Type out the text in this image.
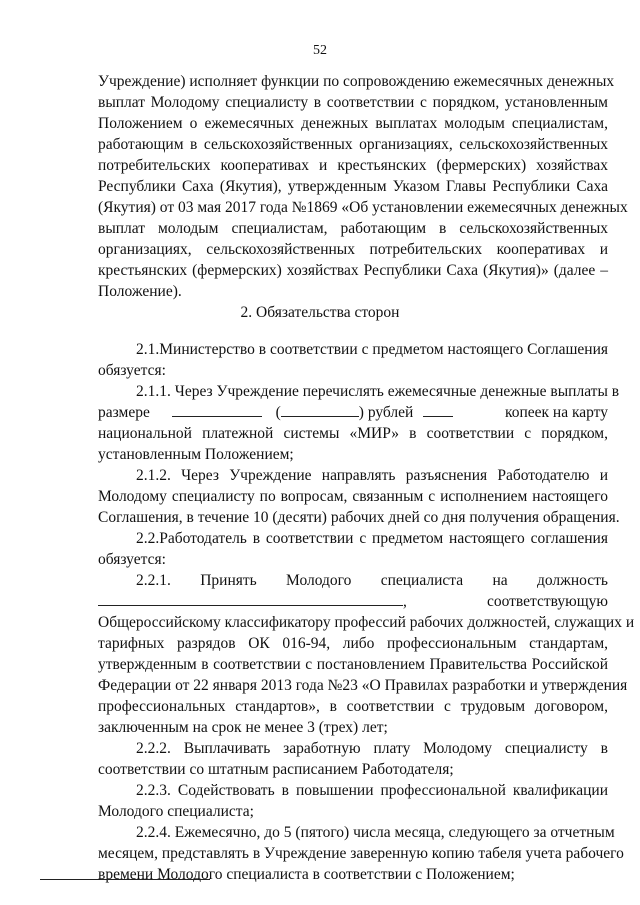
52
Учреждение) исполняет функции по сопровождению ежемесячных денежных
выплат Молодому специалисту в соответствии с порядком, установленным
Положением о ежемесячных денежных выплатах молодым специалистам,
работающим в сельскохозяйственных организациях, сельскохозяйственных
потребительских кооперативах и крестьянских (фермерских) хозяйствах
Республики Саха (Якутия), утвержденным Указом Главы Республики Саха
(Якутия) от 03 мая 2017 года №1869 «Об установлении ежемесячных денежных
выплат молодым специалистам, работающим в сельскохозяйственных
организациях, сельскохозяйственных потребительских кооперативах и
крестьянских (фермерских) хозяйствах Республики Саха (Якутия)» (далее –
Положение).
2. Обязательства сторон
2.1.Министерство в соответствии с предметом настоящего Соглашения
обязуется:
2.1.1. Через Учреждение перечислять ежемесячные денежные выплаты в
размере	(	) рублей	копеек на карту
национальной платежной системы «МИР» в соответствии с порядком,
установленным Положением;
2.1.2. Через Учреждение направлять разъяснения Работодателю и
Молодому специалисту по вопросам, связанным с исполнением настоящего
Соглашения, в течение 10 (десяти) рабочих дней со дня получения обращения.
2.2.Работодатель в соответствии с предметом настоящего соглашения
обязуется:
2.2.1. Принять Молодого специалиста на должность
,	соответствующую
Общероссийскому классификатору профессий рабочих должностей, служащих и
тарифных разрядов ОК 016-94, либо профессиональным стандартам,
утвержденным в соответствии с постановлением Правительства Российской
Федерации от 22 января 2013 года №23 «О Правилах разработки и утверждения
профессиональных стандартов», в соответствии с трудовым договором,
заключенным на срок не менее 3 (трех) лет;
2.2.2. Выплачивать заработную плату Молодому специалисту в
соответствии со штатным расписанием Работодателя;
2.2.3. Содействовать в повышении профессиональной квалификации
Молодого специалиста;
2.2.4. Ежемесячно, до 5 (пятого) числа месяца, следующего за отчетным
месяцем, представлять в Учреждение заверенную копию табеля учета рабочего
времени Молодого специалиста в соответствии с Положением;
